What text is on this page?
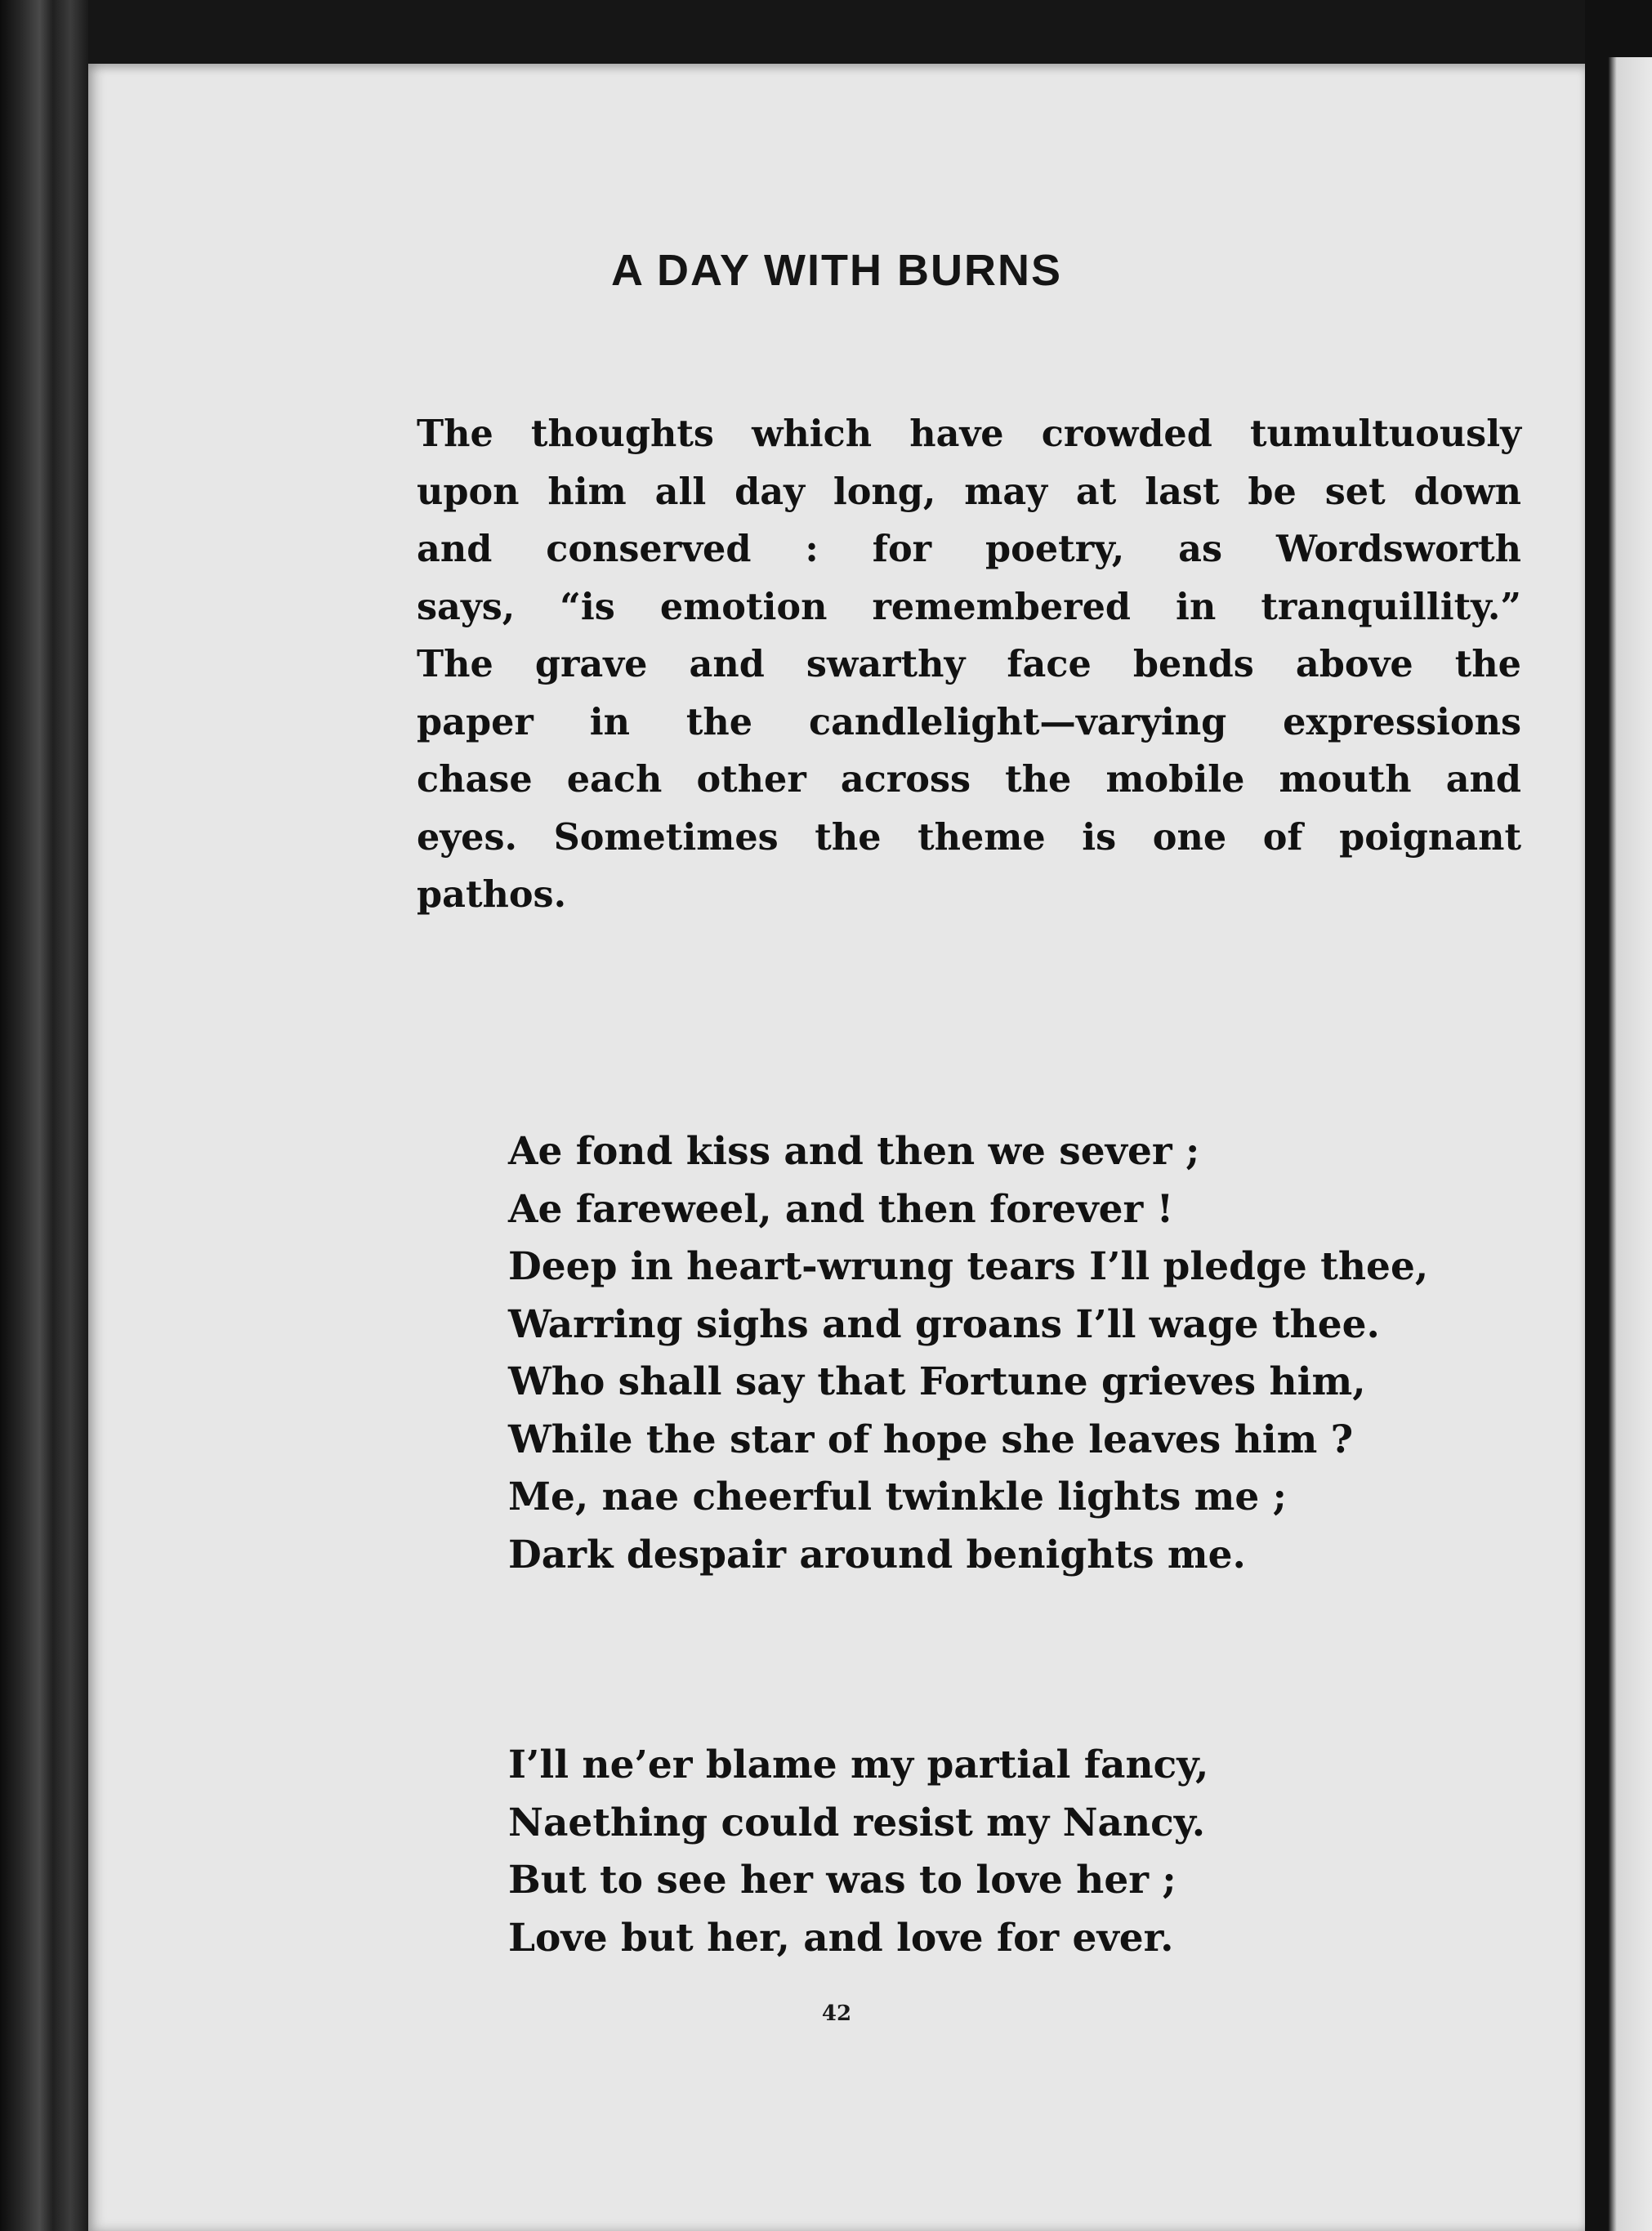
A DAY WITH BURNS
The thoughts which have crowded tumultuously
upon him all day long, may at last be set down
and conserved : for poetry, as Wordsworth
says, “is emotion remembered in tranquillity.”
The grave and swarthy face bends above the
paper in the candlelight—varying expressions
chase each other across the mobile mouth and
eyes. Sometimes the theme is one of poignant
pathos.
Ae fond kiss and then we sever ;
Ae fareweel, and then forever !
Deep in heart-wrung tears I’ll pledge thee,
Warring sighs and groans I’ll wage thee.
Who shall say that Fortune grieves him,
While the star of hope she leaves him ?
Me, nae cheerful twinkle lights me ;
Dark despair around benights me.
I’ll ne’er blame my partial fancy,
Naething could resist my Nancy.
But to see her was to love her ;
Love but her, and love for ever.
42
